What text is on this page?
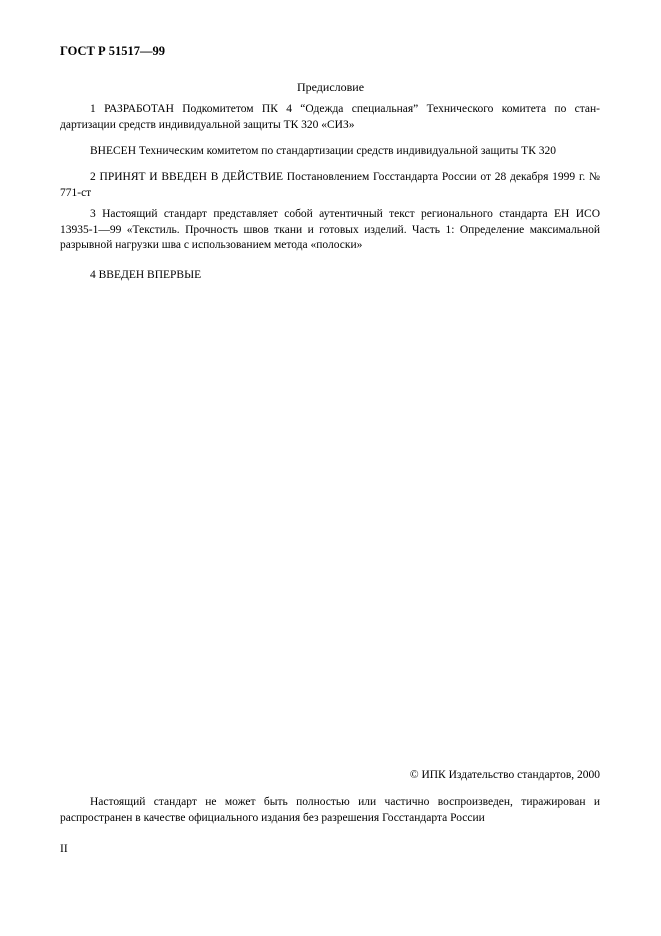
ГОСТ Р 51517—99
Предисловие

1 РАЗРАБОТАН Подкомитетом ПК 4 “Одежда специальная” Технического комитета по стан-дартизации средств индивидуальной защиты ТК 320 «СИЗ»

ВНЕСЕН Техническим комитетом по стандартизации средств индивидуальной защиты ТК 320

2 ПРИНЯТ И ВВЕДЕН В ДЕЙСТВИЕ Постановлением Госстандарта России от 28 декабря 1999 г. № 771-ст

3 Настоящий стандарт представляет собой аутентичный текст регионального стандарта ЕН ИСО 13935-1—99 «Текстиль. Прочность швов ткани и готовых изделий. Часть 1: Определение максимальной разрывной нагрузки шва с использованием метода «полоски»

4 ВВЕДЕН ВПЕРВЫЕ

© ИПК Издательство стандартов, 2000

Настоящий стандарт не может быть полностью или частично воспроизведен, тиражирован и распространен в качестве официального издания без разрешения Госстандарта России

II
